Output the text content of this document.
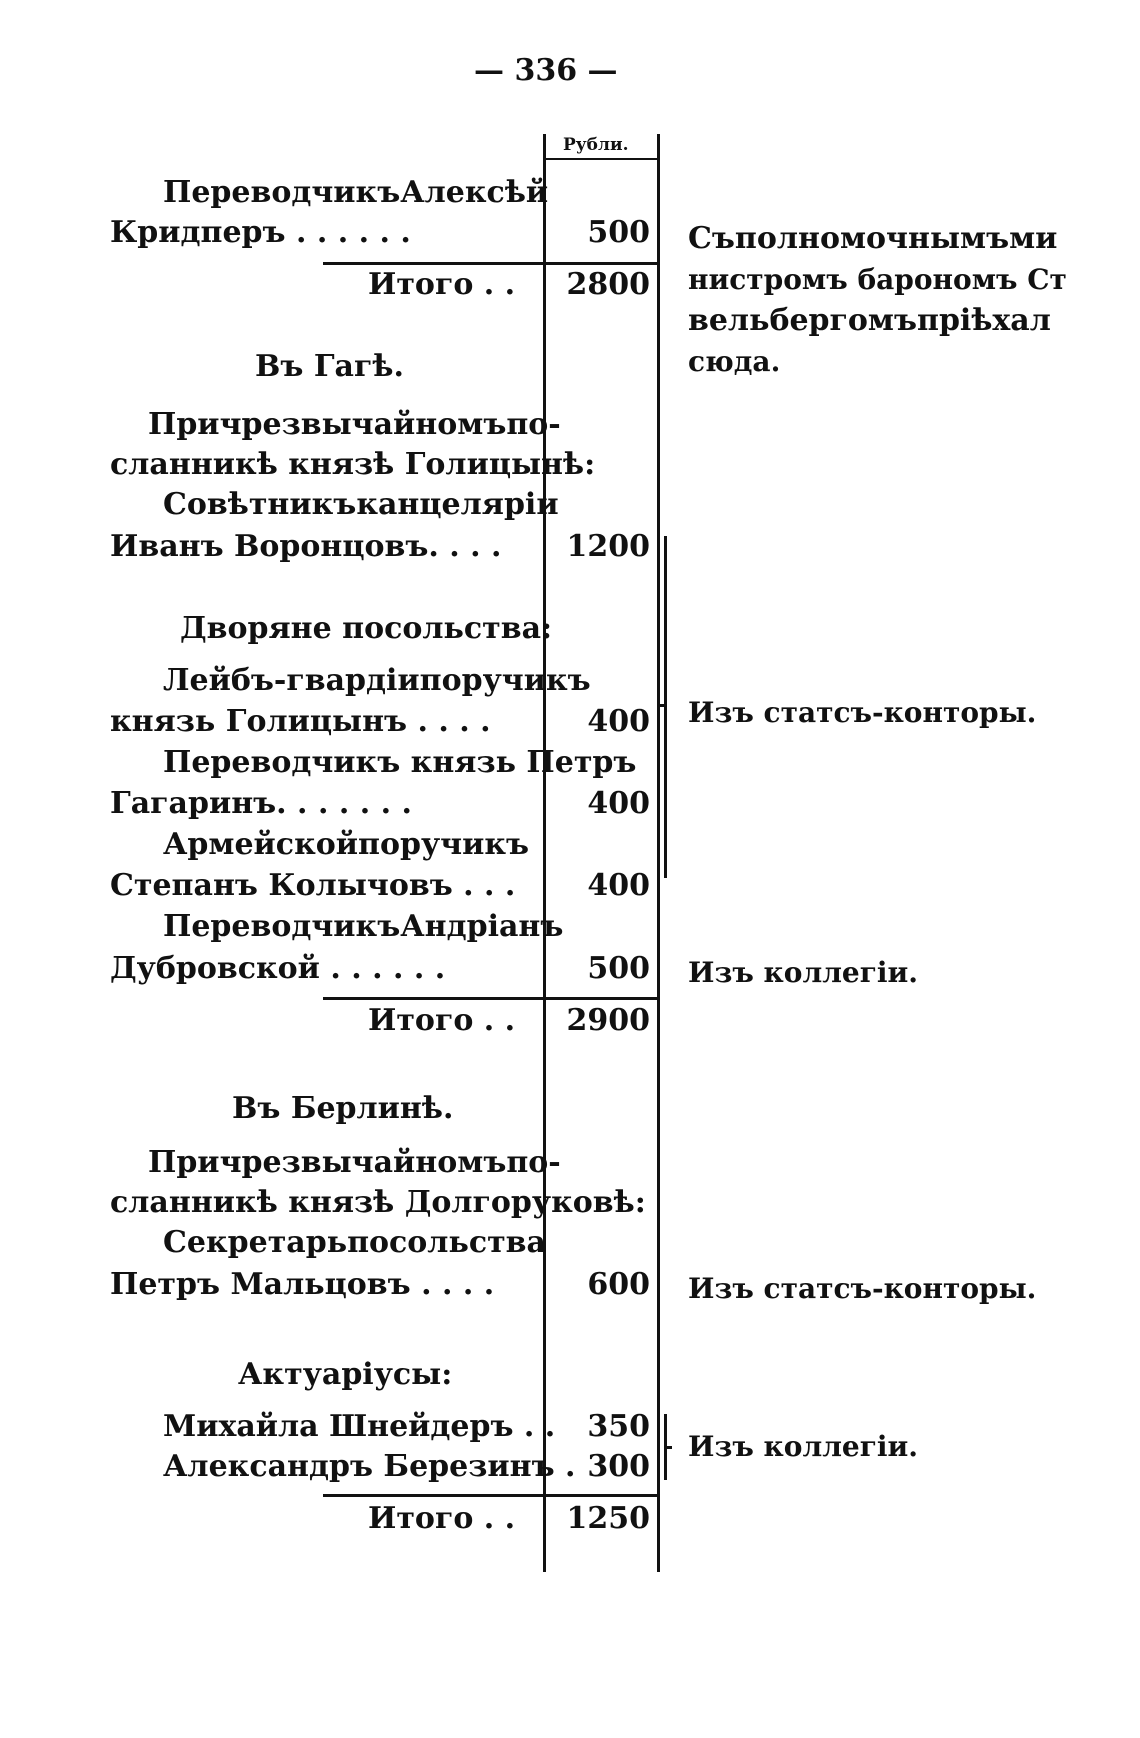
— 336 —
Рубли.
Переводчикъ Алексѣй
Кридперъ . . . . . .	500 Съ полномочнымъ ми
нистромъ барономъ Ст
вельбергомъ пріѣхал
сюда.
Итого . .	2800
Въ Гагѣ.
При чрезвычайномъ по-
сланникѣ князѣ Голицынѣ:
Совѣтникъ канцеляріи
Иванъ Воронцовъ. . . .	1200
Дворяне посольства:
Лейбъ-гвардіи поручикъ
князь Голицынъ . . . .	400
Переводчикъ князь Петръ
Гагаринъ. . . . . . .	400
Армейской поручикъ
Степанъ Колычовъ . . .	400
Изъ статсъ-конторы.
Переводчикъ Андріанъ
Дубровской . . . . . .	500 Изъ коллегіи.
Итого . .	2900
Въ Берлинѣ.
При чрезвычайномъ по-
сланникѣ князѣ Долгоруковѣ:
Секретарь посольства
Петръ Мальцовъ . . . .	600 Изъ статсъ-конторы.
Актуаріусы:
Михайла Шнейдеръ . .	350
Александръ Березинъ . 300
Изъ коллегіи.
Итого . .	1250
